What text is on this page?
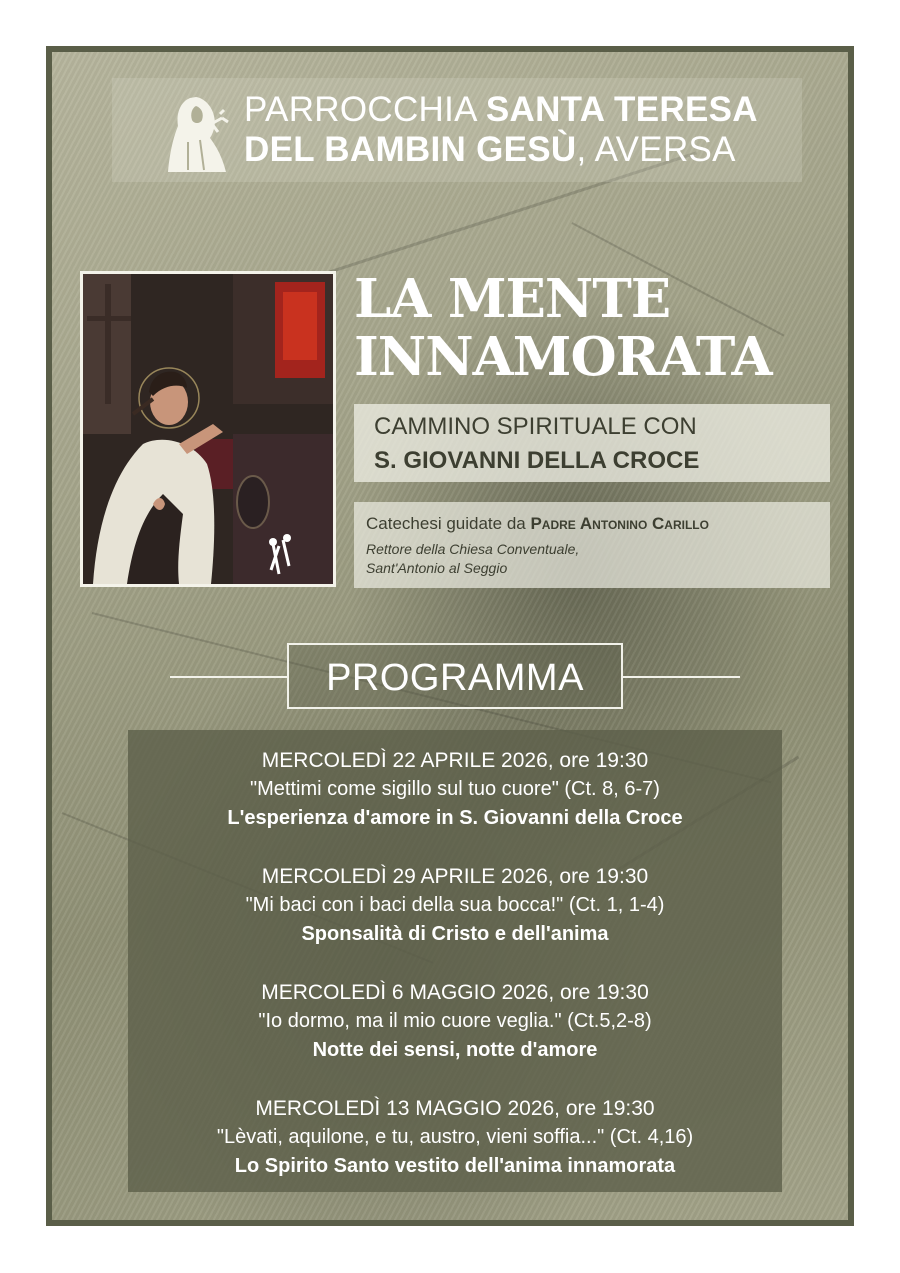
PARROCCHIA SANTA TERESA
DEL BAMBIN GESÙ, AVERSA
LA MENTE
INNAMORATA
CAMMINO SPIRITUALE CON
S. GIOVANNI DELLA CROCE
Catechesi guidate da Padre Antonino Carillo
Rettore della Chiesa Conventuale,
Sant'Antonio al Seggio
PROGRAMMA
MERCOLEDÌ 22 APRILE 2026, ore 19:30
"Mettimi come sigillo sul tuo cuore" (Ct. 8, 6-7)
L'esperienza d'amore in S. Giovanni della Croce
MERCOLEDÌ 29 APRILE 2026, ore 19:30
"Mi baci con i baci della sua bocca!" (Ct. 1, 1-4)
Sponsalità di Cristo e dell'anima
MERCOLEDÌ 6 MAGGIO 2026, ore 19:30
"Io dormo, ma il mio cuore veglia." (Ct.5,2-8)
Notte dei sensi, notte d'amore
MERCOLEDÌ 13 MAGGIO 2026, ore 19:30
"Lèvati, aquilone, e tu, austro, vieni soffia..." (Ct. 4,16)
Lo Spirito Santo vestito dell'anima innamorata
